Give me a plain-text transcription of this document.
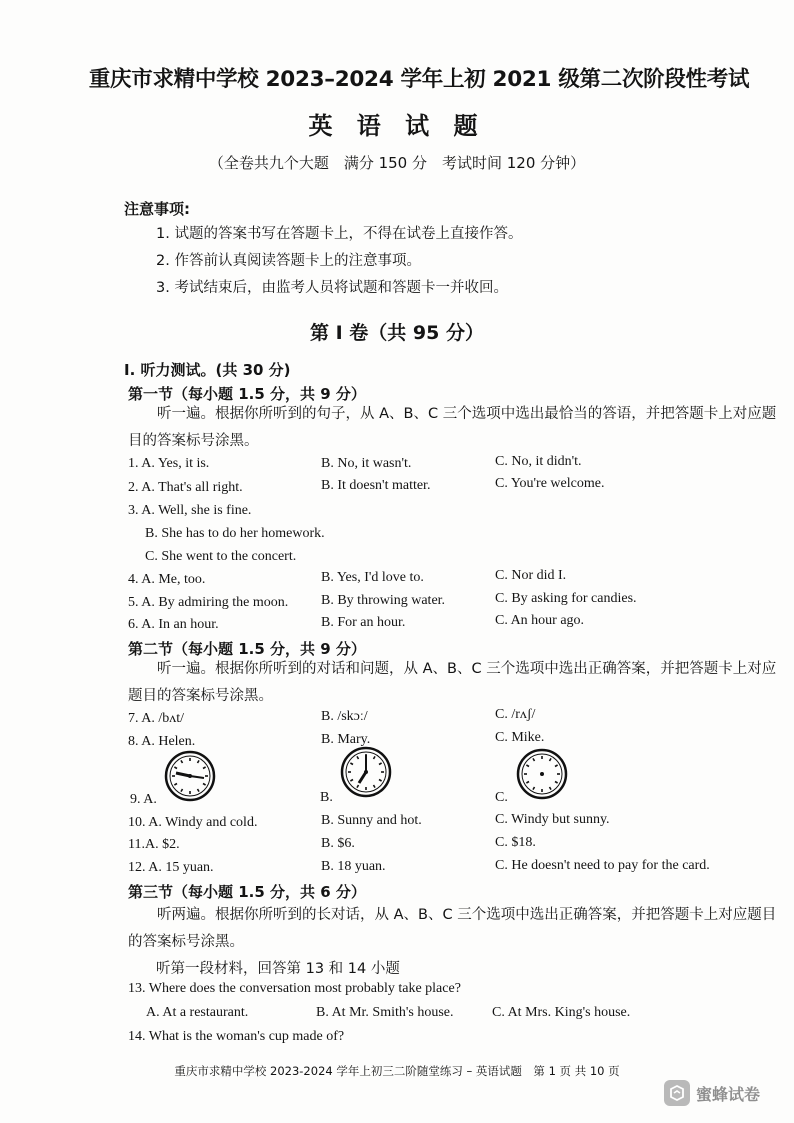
重庆市求精中学校 2023–2024 学年上初 2021 级第二次阶段性考试
英 语 试 题
（全卷共九个大题　满分 150 分　考试时间 120 分钟）
注意事项:
1. 试题的答案书写在答题卡上，不得在试卷上直接作答。
2. 作答前认真阅读答题卡上的注意事项。
3. 考试结束后，由监考人员将试题和答题卡一并收回。
第 I 卷（共 95 分）
I. 听力测试。(共 30 分)
第一节（每小题 1.5 分，共 9 分）
听一遍。根据你所听到的句子，从 A、B、C 三个选项中选出最恰当的答语，并把答题卡上对应题目的答案标号涂黑。
1. A. Yes, it is.	B. No, it wasn't.	C. No, it didn't.
2. A. That's all right.	B. It doesn't matter.	C. You're welcome.
3. A. Well, she is fine.
B. She has to do her homework.
C. She went to the concert.
4. A. Me, too.	B. Yes, I'd love to.	C. Nor did I.
5. A. By admiring the moon. B. By throwing water.	C. By asking for candies.
6. A. In an hour.	B. For an hour.	C. An hour ago.
第二节（每小题 1.5 分，共 9 分）
听一遍。根据你所听到的对话和问题，从 A、B、C 三个选项中选出正确答案，并把答题卡上对应题目的答案标号涂黑。
7. A. /bʌt/	B. /skɔː/	C. /rʌʃ/
8. A. Helen.	B. Mary.	C. Mike.
9. A.	B.	C.
10. A. Windy and cold.	B. Sunny and hot.	C. Windy but sunny.
11.A. $2.	B. $6.	C. $18.
12. A. 15 yuan.	B. 18 yuan.	C. He doesn't need to pay for the card.
第三节（每小题 1.5 分，共 6 分）
听两遍。根据你所听到的长对话，从 A、B、C 三个选项中选出正确答案，并把答题卡上对应题目的答案标号涂黑。
听第一段材料，回答第 13 和 14 小题
13. Where does the conversation most probably take place?
A. At a restaurant.	B. At Mr. Smith's house.	C. At Mrs. King's house.
14. What is the woman's cup made of?
重庆市求精中学校 2023-2024 学年上初三二阶随堂练习 – 英语试题　第 1 页 共 10 页
蜜蜂试卷
